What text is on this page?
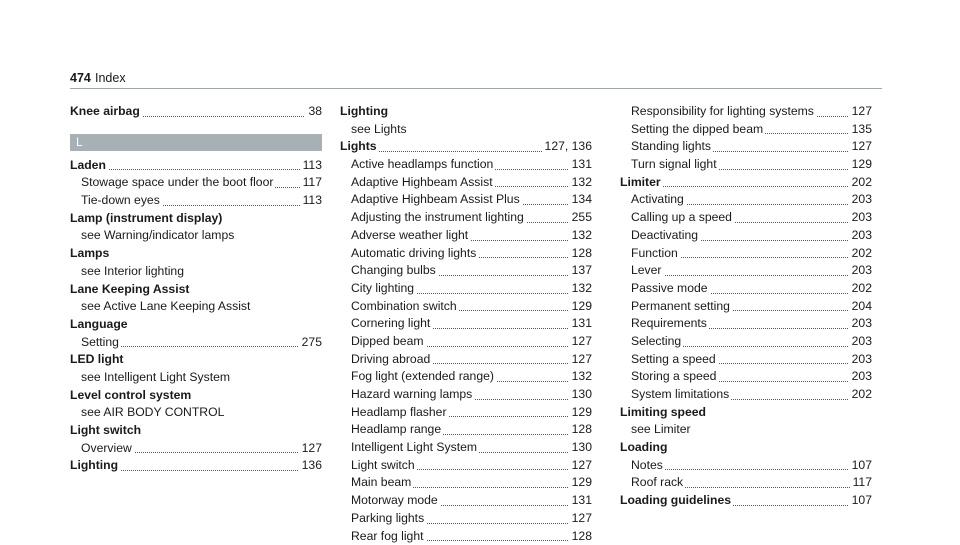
474 Index
Knee airbag	38
L
Laden	113
Stowage space under the boot floor 117
Tie-down eyes	113
Lamp (instrument display)
see Warning/indicator lamps
Lamps
see Interior lighting
Lane Keeping Assist
see Active Lane Keeping Assist
Language
Setting	275
LED light
see Intelligent Light System
Level control system
see AIR BODY CONTROL
Light switch
Overview	127
Lighting	136
Lighting
see Lights
Lights	127, 136
Active headlamps function	131
Adaptive Highbeam Assist	132
Adaptive Highbeam Assist Plus	134
Adjusting the instrument lighting	255
Adverse weather light	132
Automatic driving lights	128
Changing bulbs	137
City lighting	132
Combination switch	129
Cornering light	131
Dipped beam	127
Driving abroad	127
Fog light (extended range)	132
Hazard warning lamps	130
Headlamp flasher	129
Headlamp range	128
Intelligent Light System	130
Light switch	127
Main beam	129
Motorway mode	131
Parking lights	127
Rear fog light	128
Responsibility for lighting systems	127
Setting the dipped beam	135
Standing lights	127
Turn signal light	129
Limiter	202
Activating	203
Calling up a speed	203
Deactivating	203
Function	202
Lever	203
Passive mode	202
Permanent setting	204
Requirements	203
Selecting	203
Setting a speed	203
Storing a speed	203
System limitations	202
Limiting speed
see Limiter
Loading
Notes	107
Roof rack	117
Loading guidelines	107
